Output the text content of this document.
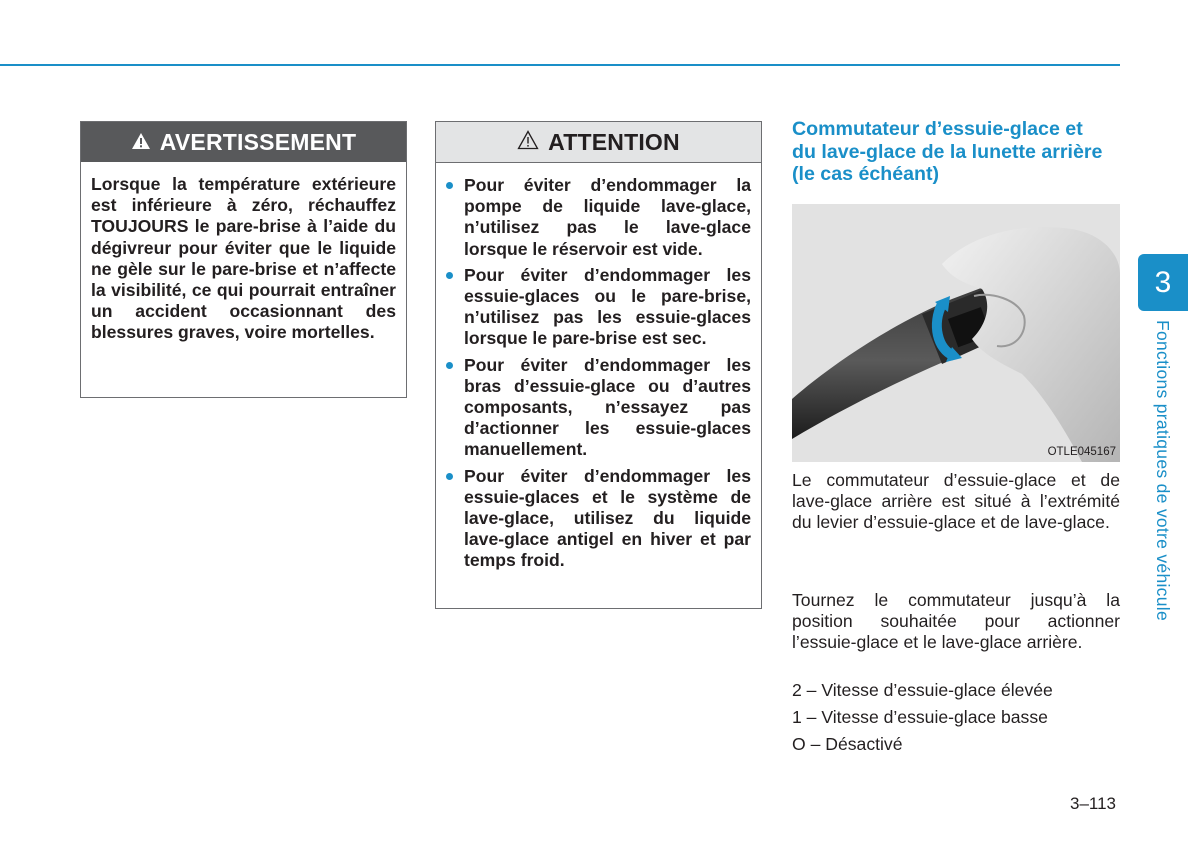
AVERTISSEMENT
Lorsque la température extérieure est inférieure à zéro, réchauffez TOUJOURS le pare-brise à l’aide du dégivreur pour éviter que le liquide ne gèle sur le pare-brise et n’affecte la visibilité, ce qui pourrait entraîner un accident occasionnant des blessures graves, voire mortelles.
ATTENTION
Pour éviter d’endommager la pompe de liquide lave-glace, n’utilisez pas le lave-glace lorsque le réservoir est vide.
Pour éviter d’endommager les essuie-glaces ou le pare-brise, n’utilisez pas les essuie-glaces lorsque le pare-brise est sec.
Pour éviter d’endommager les bras d’essuie-glace ou d’autres composants, n’essayez pas d’actionner les essuie-glaces manuellement.
Pour éviter d’endommager les essuie-glaces et le système de lave-glace, utilisez du liquide lave-glace antigel en hiver et par temps froid.
Commutateur d’essuie-glace et du lave-glace de la lunette arrière (le cas échéant)
OTLE045167
Le commutateur d’essuie-glace et de lave-glace arrière est situé à l’extrémité du levier d’essuie-glace et de lave-glace.
Tournez le commutateur jusqu’à la position souhaitée pour actionner l’essuie-glace et le lave-glace arrière.
2 – Vitesse d’essuie-glace élevée
1 – Vitesse d’essuie-glace basse
O – Désactivé
3–113
3
Fonctions pratiques de votre véhicule
